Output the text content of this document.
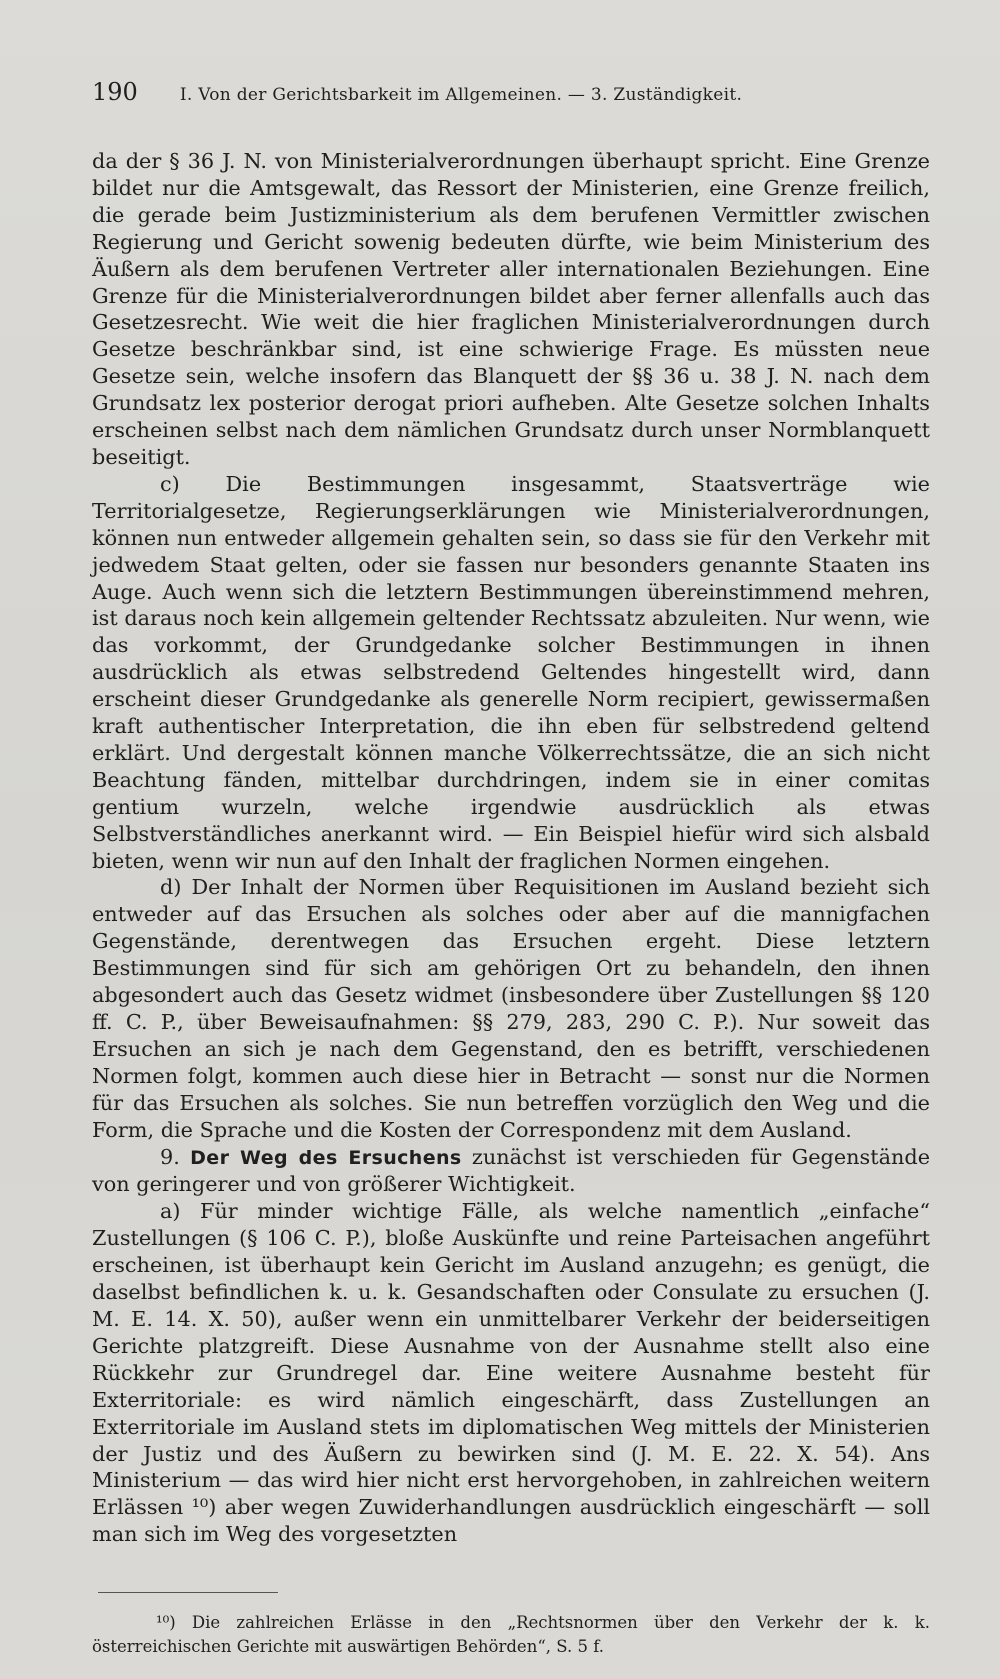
190 I. Von der Gerichtsbarkeit im Allgemeinen. — 3. Zuständigkeit.

da der § 36 J. N. von Ministerialverordnungen überhaupt spricht. Eine Grenze bildet nur die Amtsgewalt, das Ressort der Ministerien, eine Grenze freilich, die gerade beim Justizministerium als dem berufenen Vermittler zwischen Regierung und Gericht sowenig bedeuten dürfte, wie beim Ministerium des Äußern als dem berufenen Vertreter aller internationalen Beziehungen. Eine Grenze für die Ministerialverordnungen bildet aber ferner allenfalls auch das Gesetzesrecht. Wie weit die hier fraglichen Ministerialverordnungen durch Gesetze beschränkbar sind, ist eine schwierige Frage. Es müssten neue Gesetze sein, welche insofern das Blanquett der §§ 36 u. 38 J. N. nach dem Grundsatz lex posterior derogat priori aufheben. Alte Gesetze solchen Inhalts erscheinen selbst nach dem nämlichen Grundsatz durch unser Normblanquett beseitigt.

c) Die Bestimmungen insgesammt, Staatsverträge wie Territorialgesetze, Regierungserklärungen wie Ministerialverordnungen, können nun entweder allgemein gehalten sein, so dass sie für den Verkehr mit jedwedem Staat gelten, oder sie fassen nur besonders genannte Staaten ins Auge. Auch wenn sich die letztern Bestimmungen übereinstimmend mehren, ist daraus noch kein allgemein geltender Rechtssatz abzuleiten. Nur wenn, wie das vorkommt, der Grundgedanke solcher Bestimmungen in ihnen ausdrücklich als etwas selbstredend Geltendes hingestellt wird, dann erscheint dieser Grundgedanke als generelle Norm recipiert, gewissermaßen kraft authentischer Interpretation, die ihn eben für selbstredend geltend erklärt. Und dergestalt können manche Völkerrechtssätze, die an sich nicht Beachtung fänden, mittelbar durchdringen, indem sie in einer comitas gentium wurzeln, welche irgendwie ausdrücklich als etwas Selbstverständliches anerkannt wird. — Ein Beispiel hiefür wird sich alsbald bieten, wenn wir nun auf den Inhalt der fraglichen Normen eingehen.

d) Der Inhalt der Normen über Requisitionen im Ausland bezieht sich entweder auf das Ersuchen als solches oder aber auf die mannigfachen Gegenstände, derentwegen das Ersuchen ergeht. Diese letztern Bestimmungen sind für sich am gehörigen Ort zu behandeln, den ihnen abgesondert auch das Gesetz widmet (insbesondere über Zustellungen §§ 120 ff. C. P., über Beweisaufnahmen: §§ 279, 283, 290 C. P.). Nur soweit das Ersuchen an sich je nach dem Gegenstand, den es betrifft, verschiedenen Normen folgt, kommen auch diese hier in Betracht — sonst nur die Normen für das Ersuchen als solches. Sie nun betreffen vorzüglich den Weg und die Form, die Sprache und die Kosten der Correspondenz mit dem Ausland.

9. Der Weg des Ersuchens zunächst ist verschieden für Gegenstände von geringerer und von größerer Wichtigkeit.

a) Für minder wichtige Fälle, als welche namentlich „einfache“ Zustellungen (§ 106 C. P.), bloße Auskünfte und reine Parteisachen angeführt erscheinen, ist überhaupt kein Gericht im Ausland anzugehn; es genügt, die daselbst befindlichen k. u. k. Gesandschaften oder Consulate zu ersuchen (J. M. E. 14. X. 50), außer wenn ein unmittelbarer Verkehr der beiderseitigen Gerichte platzgreift. Diese Ausnahme von der Ausnahme stellt also eine Rückkehr zur Grundregel dar. Eine weitere Ausnahme besteht für Exterritoriale: es wird nämlich eingeschärft, dass Zustellungen an Exterritoriale im Ausland stets im diplomatischen Weg mittels der Ministerien der Justiz und des Äußern zu bewirken sind (J. M. E. 22. X. 54). Ans Ministerium — das wird hier nicht erst hervorgehoben, in zahlreichen weitern Erlässen ¹⁰) aber wegen Zuwiderhandlungen ausdrücklich eingeschärft — soll man sich im Weg des vorgesetzten

¹⁰) Die zahlreichen Erlässe in den „Rechtsnormen über den Verkehr der k. k. österreichischen Gerichte mit auswärtigen Behörden“, S. 5 f.
